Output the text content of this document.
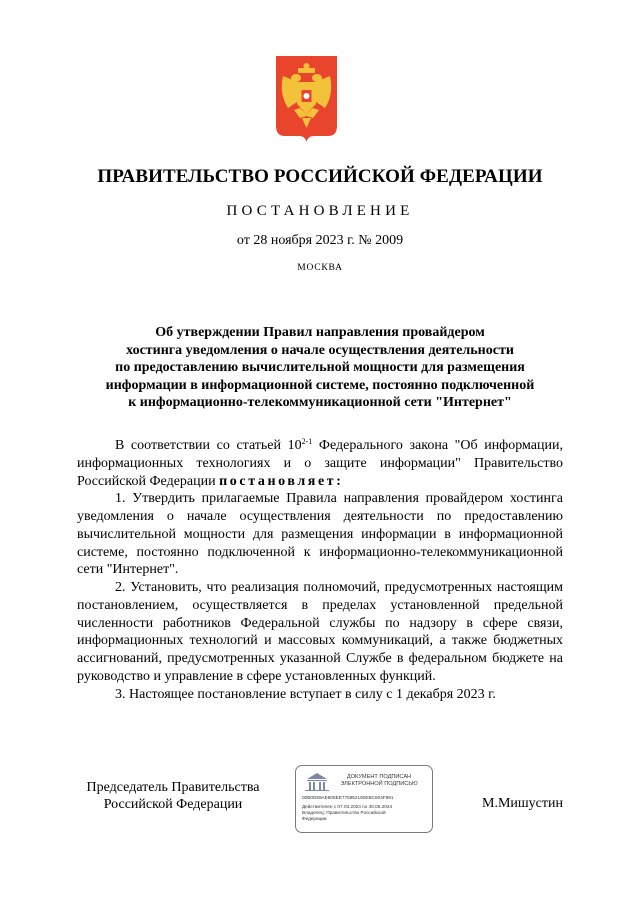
ПРАВИТЕЛЬСТВО РОССИЙСКОЙ ФЕДЕРАЦИИ
ПОСТАНОВЛЕНИЕ
от 28 ноября 2023 г. № 2009
МОСКВА
Об утверждении Правил направления провайдером
хостинга уведомления о начале осуществления деятельности
по предоставлению вычислительной мощности для размещения
информации в информационной системе, постоянно подключенной
к информационно-телекоммуникационной сети "Интернет"

В соответствии со статьей 10$^{2-1}$ Федерального закона "Об информации, информационных технологиях и о защите информации" Правительство Российской Федерации постановляет:

1. Утвердить прилагаемые Правила направления провайдером хостинга уведомления о начале осуществления деятельности по предоставлению вычислительной мощности для размещения информации в информационной системе, постоянно подключенной к информационно-телекоммуникационной сети "Интернет".

2. Установить, что реализация полномочий, предусмотренных настоящим постановлением, осуществляется в пределах установленной предельной численности работников Федеральной службы по надзору в сфере связи, информационных технологий и массовых коммуникаций, а также бюджетных ассигнований, предусмотренных указанной Службе в федеральном бюджете на руководство и управление в сфере установленных функций.

3. Настоящее постановление вступает в силу с 1 декабря 2023 г.

Председатель Правительства
Российской Федерации
ДОКУМЕНТ ПОДПИСАН
ЭЛЕКТРОННОЙ ПОДПИСЬЮ
00B0D59AE805EE775952190EBC604F891
Действителен с 07.03.2023 по 30.05.2024
Владелец: Правительство Российской
Федерации
М.Мишустин
